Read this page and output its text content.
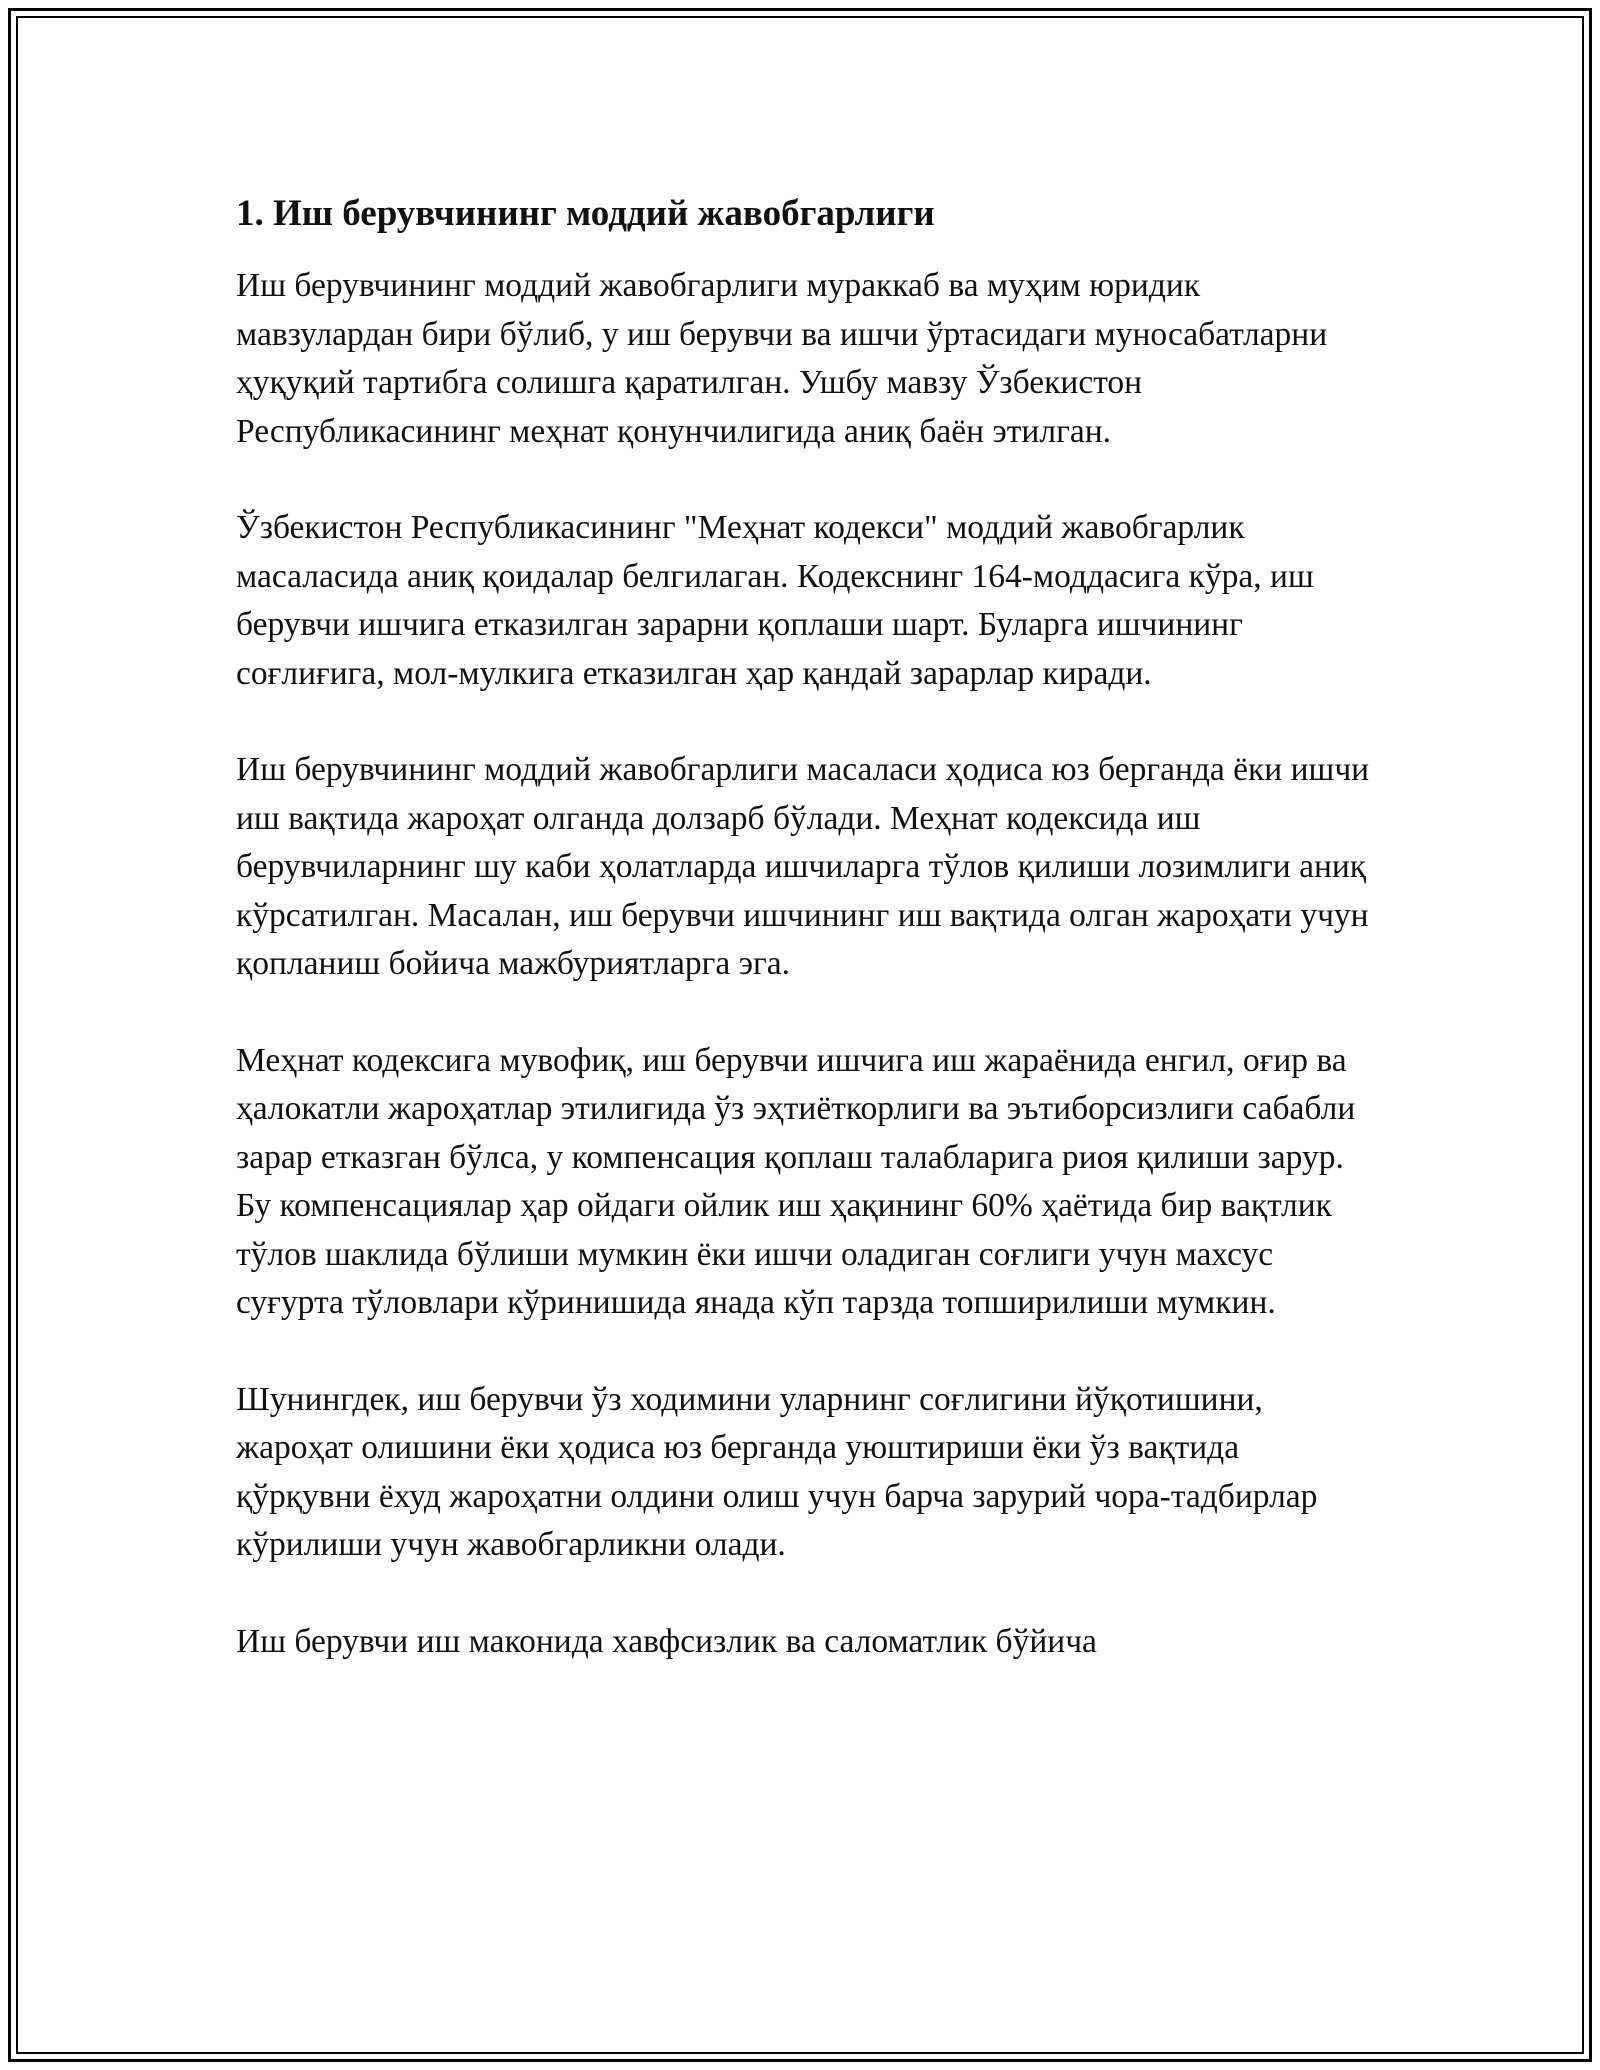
1. Иш берувчининг моддий жавобгарлиги

Иш берувчининг моддий жавобгарлиги мураккаб ва муҳим юридик мавзулардан бири бўлиб, у иш берувчи ва ишчи ўртасидаги муносабатларни ҳуқуқий тартибга солишга қаратилган. Ушбу мавзу Ўзбекистон Республикасининг меҳнат қонунчилигида аниқ баён этилган.

Ўзбекистон Республикасининг "Меҳнат кодекси" моддий жавобгарлик масаласида аниқ қоидалар белгилаган. Кодекснинг 164-моддасига кўра, иш берувчи ишчига етказилган зарарни қоплаши шарт. Буларга ишчининг соғлиғига, мол-мулкига етказилган ҳар қандай зарарлар киради.

Иш берувчининг моддий жавобгарлиги масаласи ҳодиса юз берганда ёки ишчи иш вақтида жароҳат олганда долзарб бўлади. Меҳнат кодексида иш берувчиларнинг шу каби ҳолатларда ишчиларга тўлов қилиши лозимлиги аниқ кўрсатилган. Масалан, иш берувчи ишчининг иш вақтида олган жароҳати учун қопланиш бойича мажбуриятларга эга.

Меҳнат кодексига мувофиқ, иш берувчи ишчига иш жараёнида енгил, оғир ва ҳалокатли жароҳатлар этилигида ўз эҳтиёткорлиги ва эътиборсизлиги сабабли зарар етказган бўлса, у компенсация қоплаш талабларига риоя қилиши зарур. Бу компенсациялар ҳар ойдаги ойлик иш ҳақининг 60% ҳаётида бир вақтлик тўлов шаклида бўлиши мумкин ёки ишчи оладиган соғлиги учун махсус суғурта тўловлари кўринишида янада кўп тарзда топширилиши мумкин.

Шунингдек, иш берувчи ўз ходимини уларнинг соғлигини йўқотишини, жароҳат олишини ёки ҳодиса юз берганда уюштириши ёки ўз вақтида қўрқувни ёхуд жароҳатни олдини олиш учун барча зарурий чора-тадбирлар кўрилиши учун жавобгарликни олади.

Иш берувчи иш маконида хавфсизлик ва саломатлик бўйича
